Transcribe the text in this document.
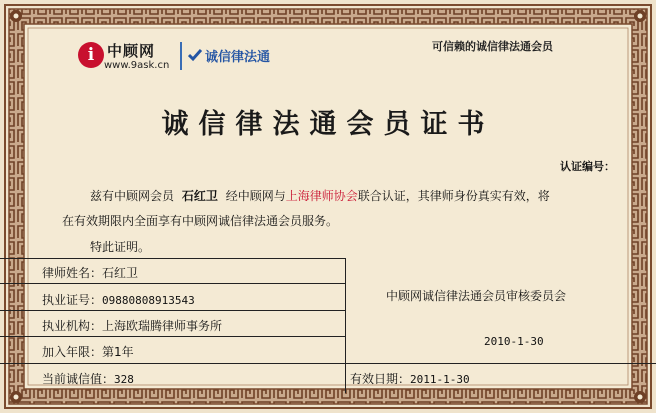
i 中顾网
www.9ask.cn
诚信律法通
可信赖的诚信律法通会员
诚信律法通会员证书
认证编号：
兹有中顾网会员 石红卫 经中顾网与上海律师协会联合认证，其律师身份真实有效，将
在有效期限内全面享有中顾网诚信律法通会员服务。
特此证明。
律师姓名：石红卫
执业证号：09880808913543
执业机构：上海欧瑞腾律师事务所
加入年限：第1年
当前诚信值：328	有效日期：2011-1-30
中顾网诚信律法通会员审核委员会
2010-1-30
